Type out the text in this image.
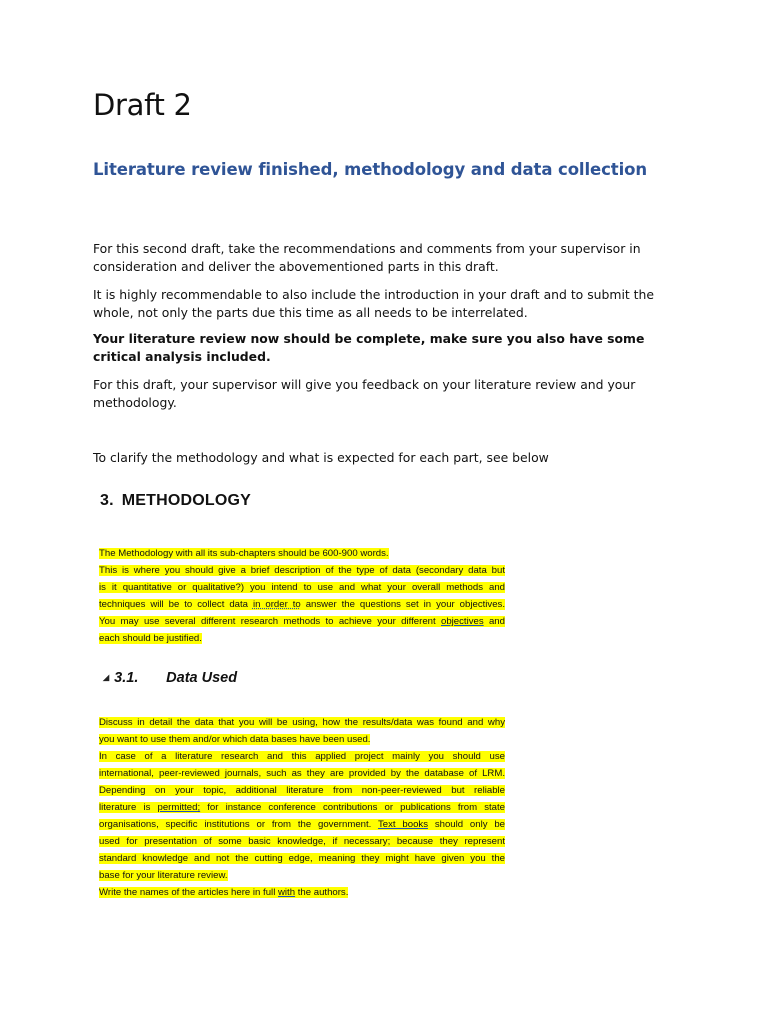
Draft 2
Literature review finished, methodology and data collection

For this second draft, take the recommendations and comments from your supervisor in consideration and deliver the abovementioned parts in this draft.

It is highly recommendable to also include the introduction in your draft and to submit the whole, not only the parts due this time as all needs to be interrelated.

Your literature review now should be complete, make sure you also have some critical analysis included.

For this draft, your supervisor will give you feedback on your literature review and your methodology.

To clarify the methodology and what is expected for each part, see below

3. METHODOLOGY
The Methodology with all its sub-chapters should be 600-900 words.
This is where you should give a brief description of the type of data (secondary data but
is it quantitative or qualitative?) you intend to use and what your overall methods and
techniques will be to collect data in order to answer the questions set in your objectives.
You may use several different research methods to achieve your different objectives and
each should be justified.
◢ 3.1. Data Used
Discuss in detail the data that you will be using, how the results/data was found and why
you want to use them and/or which data bases have been used.
In case of a literature research and this applied project mainly you should use
international, peer-reviewed journals, such as they are provided by the database of LRM.
Depending on your topic, additional literature from non-peer-reviewed but reliable
literature is permitted; for instance conference contributions or publications from state
organisations, specific institutions or from the government. Text books should only be
used for presentation of some basic knowledge, if necessary; because they represent
standard knowledge and not the cutting edge, meaning they might have given you the
base for your literature review.
Write the names of the articles here in full with the authors.
